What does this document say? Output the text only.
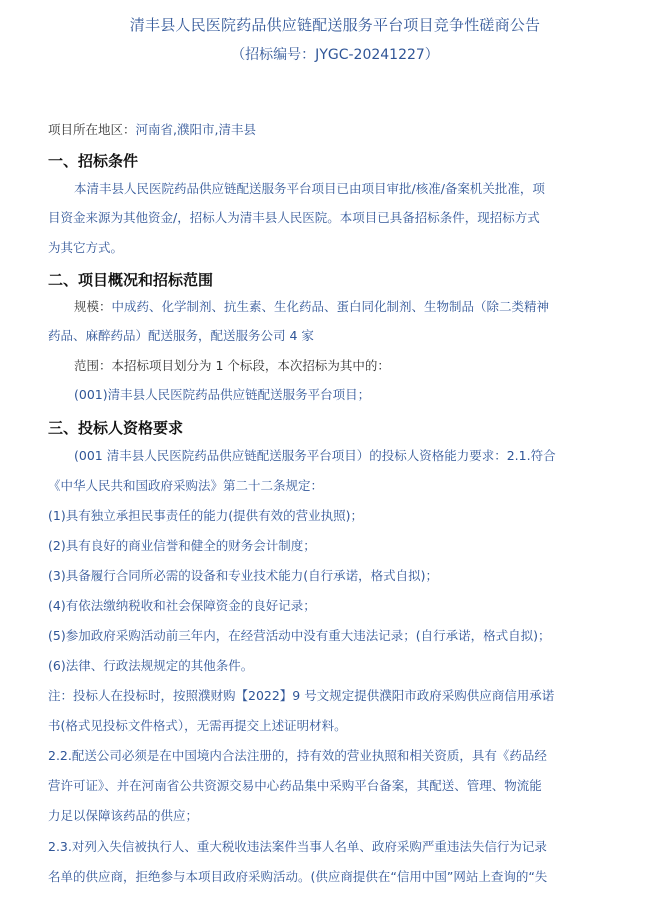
清丰县人民医院药品供应链配送服务平台项目竞争性磋商公告
（招标编号：JYGC-20241227）
项目所在地区：河南省,濮阳市,清丰县
一、招标条件
本清丰县人民医院药品供应链配送服务平台项目已由项目审批/核准/备案机关批准，项
目资金来源为其他资金/，招标人为清丰县人民医院。本项目已具备招标条件，现招标方式
为其它方式。
二、项目概况和招标范围
规模：中成药、化学制剂、抗生素、生化药品、蛋白同化制剂、生物制品（除二类精神
药品、麻醉药品）配送服务，配送服务公司 4 家
范围：本招标项目划分为 1 个标段，本次招标为其中的：
(001)清丰县人民医院药品供应链配送服务平台项目；
三、投标人资格要求
(001 清丰县人民医院药品供应链配送服务平台项目）的投标人资格能力要求：2.1.符合
《中华人民共和国政府采购法》第二十二条规定：
(1)具有独立承担民事责任的能力(提供有效的营业执照)；
(2)具有良好的商业信誉和健全的财务会计制度；
(3)具备履行合同所必需的设备和专业技术能力(自行承诺，格式自拟)；
(4)有依法缴纳税收和社会保障资金的良好记录；
(5)参加政府采购活动前三年内，在经营活动中没有重大违法记录；(自行承诺，格式自拟)；
(6)法律、行政法规规定的其他条件。
注：投标人在投标时，按照濮财购【2022】9 号文规定提供濮阳市政府采购供应商信用承诺
书(格式见投标文件格式），无需再提交上述证明材料。
2.2.配送公司必须是在中国境内合法注册的，持有效的营业执照和相关资质，具有《药品经
营许可证》、并在河南省公共资源交易中心药品集中采购平台备案，其配送、管理、物流能
力足以保障该药品的供应；
2.3.对列入失信被执行人、重大税收违法案件当事人名单、政府采购严重违法失信行为记录
名单的供应商，拒绝参与本项目政府采购活动。(供应商提供在“信用中国”网站上查询的“失
